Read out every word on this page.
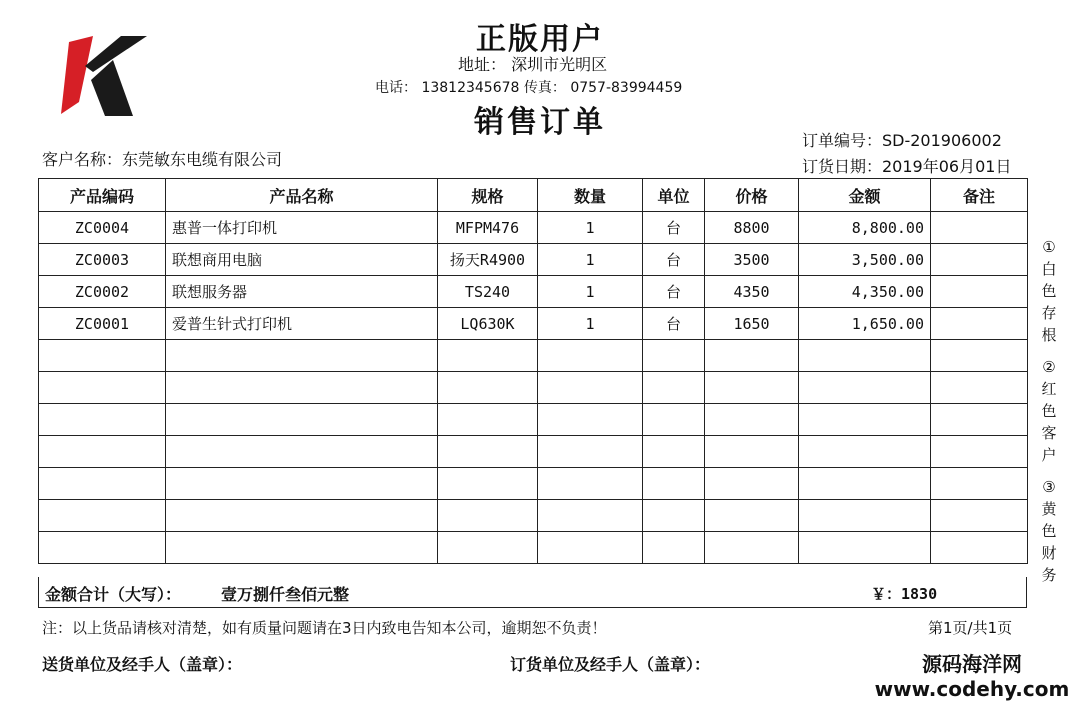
正版用户
地址： 深圳市光明区
电话： 13812345678 传真： 0757-83994459
销售订单
订单编号：SD-201906002
订货日期：2019年06月01日
客户名称：东莞敏东电缆有限公司
产品编码	产品名称	规格	数量	单位	价格	金额	备注
ZC0004	惠普一体打印机	MFPM476	1	台	8800	8,800.00	
ZC0003	联想商用电脑	扬天R4900	1	台	3500	3,500.00	
ZC0002	联想服务器	TS240	1	台	4350	4,350.00	
ZC0001	爱普生针式打印机	LQ630K	1	台	1650	1,650.00	

金额合计（大写）： 壹万捌仟叁佰元整	￥：1830
注：以上货品请核对清楚，如有质量问题请在3日内致电告知本公司，逾期恕不负责！	第1页/共1页
送货单位及经手人（盖章）：	订货单位及经手人（盖章）：
①
白
色
存
根
②
红
色
客
户
③
黄
色
财
务
源码海洋网
www.codehy.com
